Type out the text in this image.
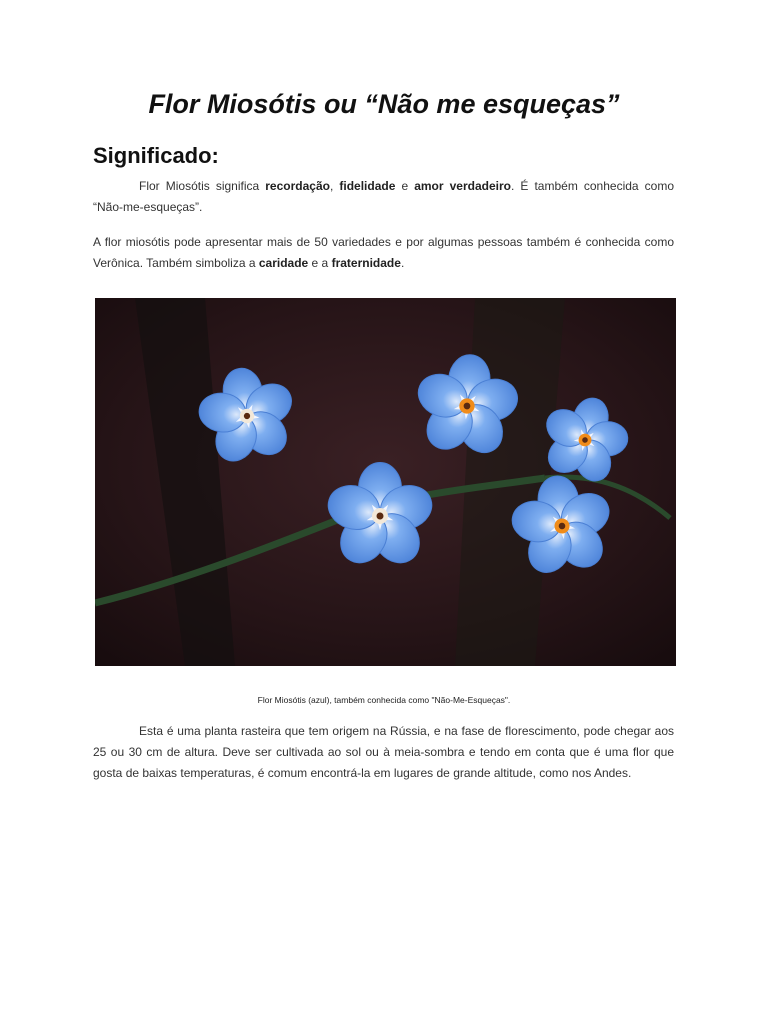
Flor Miosótis ou “Não me esqueças”
Significado:

Flor Miosótis significa recordação, fidelidade e amor verdadeiro. É também conhecida como “Não-me-esqueças”.

A flor miosótis pode apresentar mais de 50 variedades e por algumas pessoas também é conhecida como Verônica. Também simboliza a caridade e a fraternidade.

Flor Miosótis (azul), também conhecida como "Não-Me-Esqueças".

Esta é uma planta rasteira que tem origem na Rússia, e na fase de florescimento, pode chegar aos 25 ou 30 cm de altura. Deve ser cultivada ao sol ou à meia-sombra e tendo em conta que é uma flor que gosta de baixas temperaturas, é comum encontrá-la em lugares de grande altitude, como nos Andes.
